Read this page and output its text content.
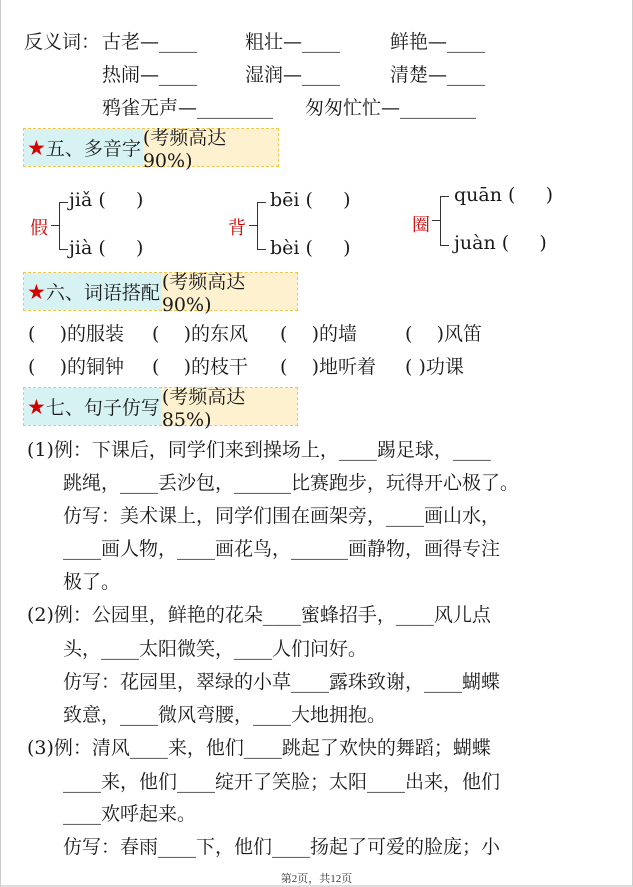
反义词： 古老—____	粗壮—____	鲜艳—____
热闹—____	湿润—____	清楚—____
鸦雀无声—________ 匆匆忙忙—________
★ 五、多音字 (考频高达 90%)
假
jiǎ (     )
jià (     )
背
bēi (     )
bèi (     )
圈
quān (     )
juàn (     )
★ 六、词语搭配 (考频高达 90%)
(    )的服装 (    )的东风 (    )的墙	(    )风笛
(    )的铜钟 (    )的枝干 (    )地听着 ( )功课
★ 七、句子仿写 (考频高达 85%)
(1)例：下课后，同学们来到操场上，____踢足球，____
跳绳，____丢沙包，______比赛跑步，玩得开心极了。
仿写：美术课上，同学们围在画架旁，____画山水，
____画人物，____画花鸟，______画静物，画得专注
极了。
(2)例：公园里，鲜艳的花朵____蜜蜂招手，____风儿点
头，____太阳微笑，____人们问好。
仿写：花园里，翠绿的小草____露珠致谢，____蝴蝶
致意，____微风弯腰，____大地拥抱。
(3)例：清风____来，他们____跳起了欢快的舞蹈；蝴蝶
____来，他们____绽开了笑脸；太阳____出来，他们
____欢呼起来。
仿写：春雨____下，他们____扬起了可爱的脸庞；小
第2页，共12页
